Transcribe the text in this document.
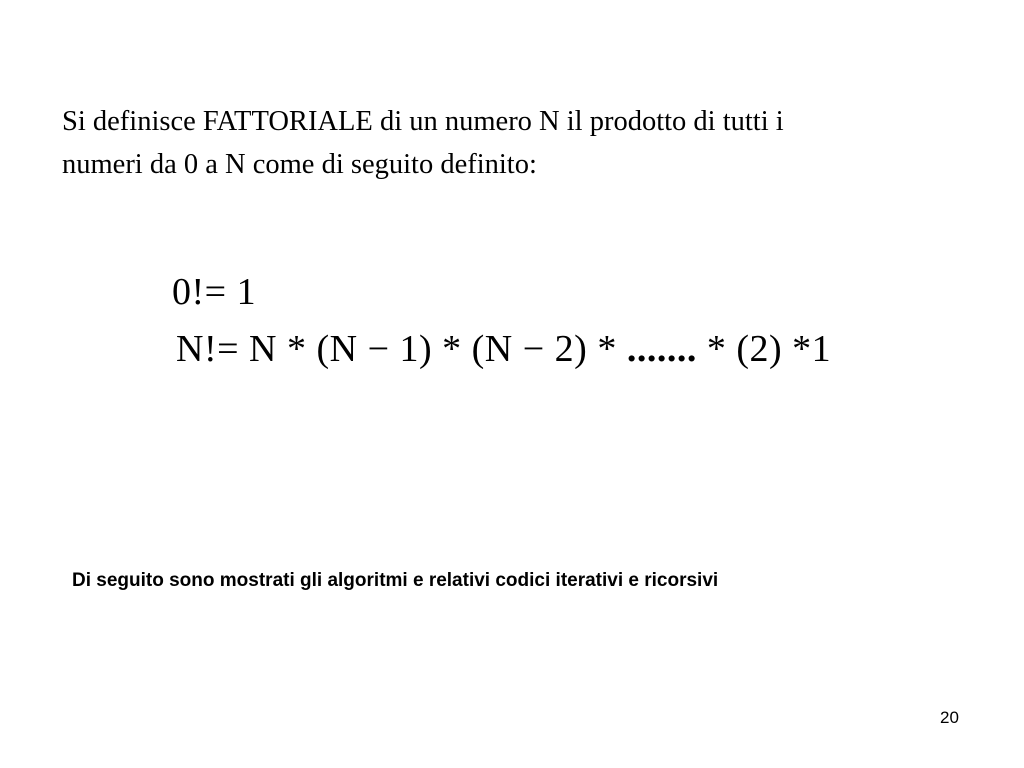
Si definisce FATTORIALE di un numero N il prodotto di tutti i
numeri da 0 a N come di seguito definito:
0!= 1
N!= N * (N − 1) * (N − 2) * ....... * (2) *1
Di seguito sono mostrati gli algoritmi e relativi codici iterativi e ricorsivi
20
